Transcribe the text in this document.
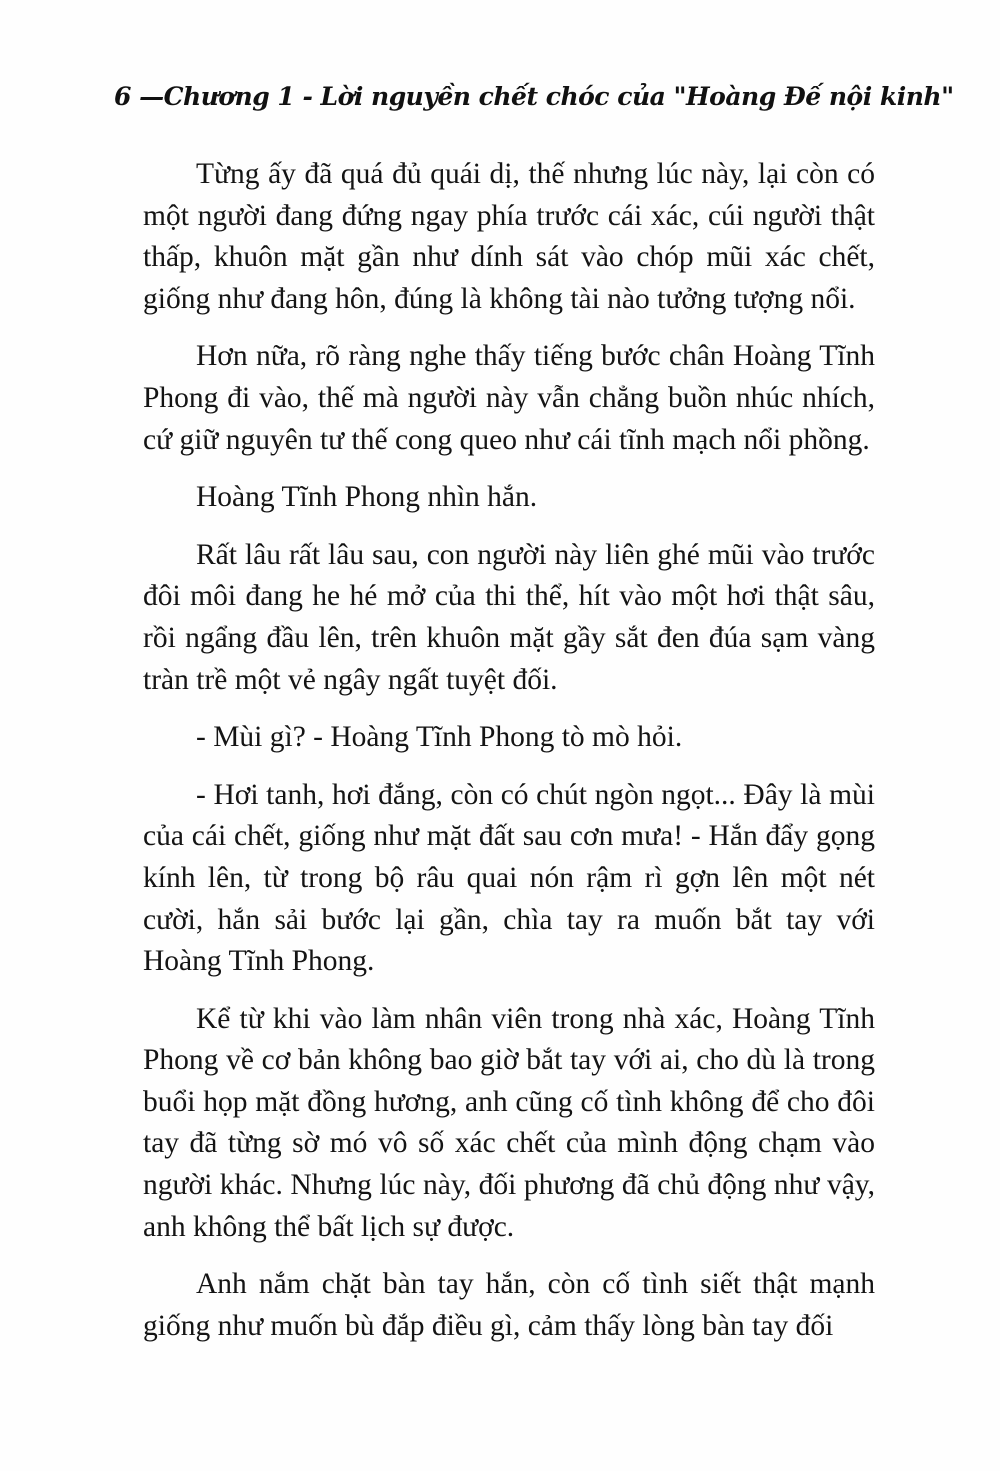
6 —Chương 1 - Lời nguyền chết chóc của "Hoàng Đế nội kinh"

Từng ấy đã quá đủ quái dị, thế nhưng lúc này, lại còn có một người đang đứng ngay phía trước cái xác, cúi người thật thấp, khuôn mặt gần như dính sát vào chóp mũi xác chết, giống như đang hôn, đúng là không tài nào tưởng tượng nổi.

Hơn nữa, rõ ràng nghe thấy tiếng bước chân Hoàng Tĩnh Phong đi vào, thế mà người này vẫn chẳng buồn nhúc nhích, cứ giữ nguyên tư thế cong queo như cái tĩnh mạch nổi phồng.

Hoàng Tĩnh Phong nhìn hắn.

Rất lâu rất lâu sau, con người này liên ghé mũi vào trước đôi môi đang he hé mở của thi thể, hít vào một hơi thật sâu, rồi ngẩng đầu lên, trên khuôn mặt gầy sắt đen đúa sạm vàng tràn trề một vẻ ngây ngất tuyệt đối.

- Mùi gì? - Hoàng Tĩnh Phong tò mò hỏi.

- Hơi tanh, hơi đắng, còn có chút ngòn ngọt... Đây là mùi của cái chết, giống như mặt đất sau cơn mưa! - Hắn đẩy gọng kính lên, từ trong bộ râu quai nón rậm rì gợn lên một nét cười, hắn sải bước lại gần, chìa tay ra muốn bắt tay với Hoàng Tĩnh Phong.

Kể từ khi vào làm nhân viên trong nhà xác, Hoàng Tĩnh Phong về cơ bản không bao giờ bắt tay với ai, cho dù là trong buổi họp mặt đồng hương, anh cũng cố tình không để cho đôi tay đã từng sờ mó vô số xác chết của mình động chạm vào người khác. Nhưng lúc này, đối phương đã chủ động như vậy, anh không thể bất lịch sự được.

Anh nắm chặt bàn tay hắn, còn cố tình siết thật mạnh giống như muốn bù đắp điều gì, cảm thấy lòng bàn tay đối
